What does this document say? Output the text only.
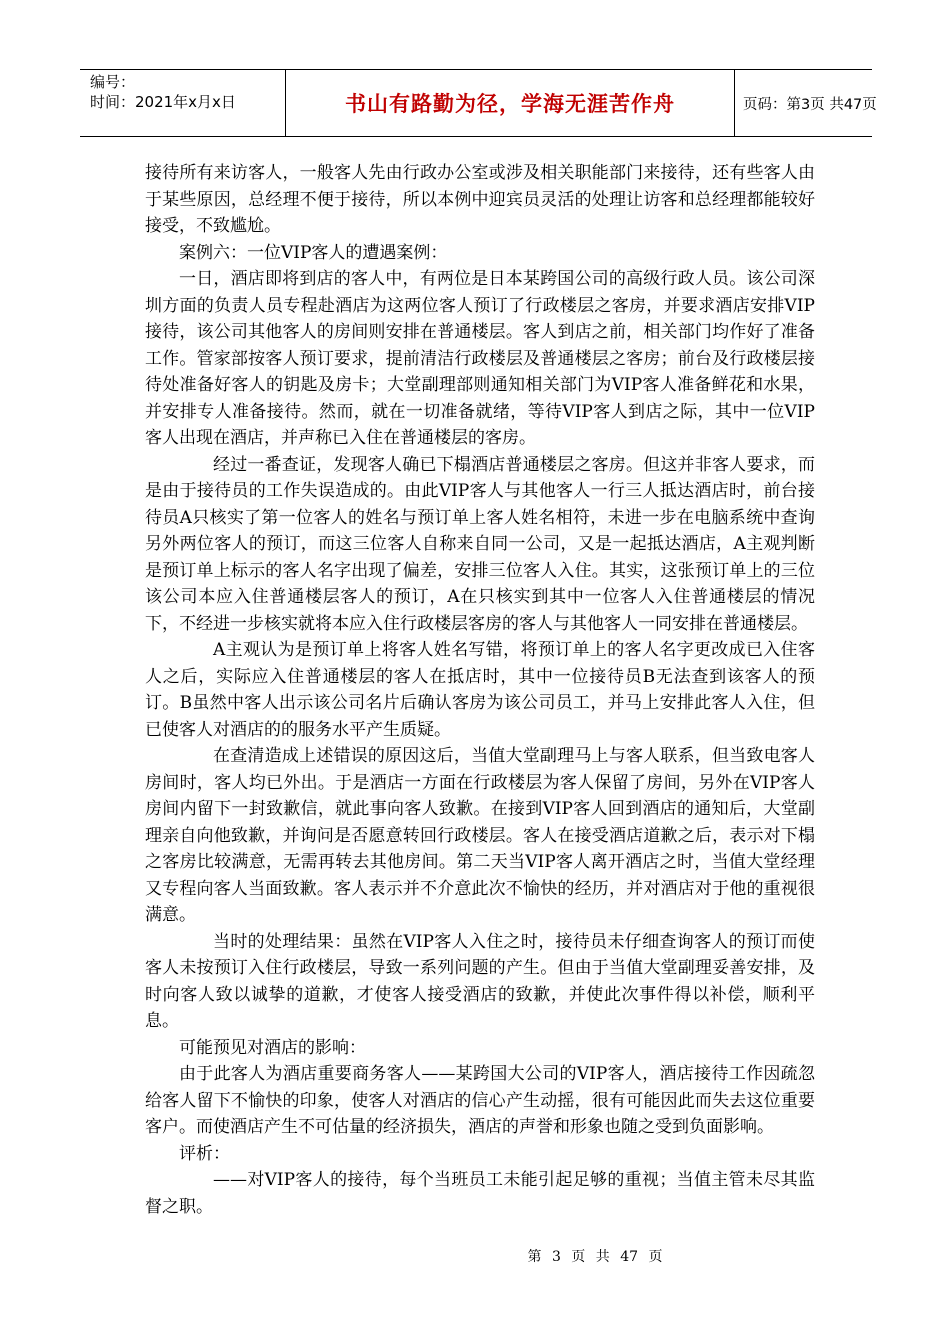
编号：
时间：2021年x月x日	书山有路勤为径，学海无涯苦作舟	页码：第3页 共47页

接待所有来访客人，一般客人先由行政办公室或涉及相关职能部门来接待，还有些客人由于某些原因，总经理不便于接待，所以本例中迎宾员灵活的处理让访客和总经理都能较好接受，不致尴尬。

案例六：一位VIP客人的遭遇案例：

一日，酒店即将到店的客人中，有两位是日本某跨国公司的高级行政人员。该公司深圳方面的负责人员专程赴酒店为这两位客人预订了行政楼层之客房，并要求酒店安排VIP接待，该公司其他客人的房间则安排在普通楼层。客人到店之前，相关部门均作好了准备工作。管家部按客人预订要求，提前清洁行政楼层及普通楼层之客房；前台及行政楼层接待处准备好客人的钥匙及房卡；大堂副理部则通知相关部门为VIP客人准备鲜花和水果，并安排专人准备接待。然而，就在一切准备就绪，等待VIP客人到店之际，其中一位VIP客人出现在酒店，并声称已入住在普通楼层的客房。

经过一番查证，发现客人确已下榻酒店普通楼层之客房。但这并非客人要求，而是由于接待员的工作失误造成的。由此VIP客人与其他客人一行三人抵达酒店时，前台接待员A只核实了第一位客人的姓名与预订单上客人姓名相符，未进一步在电脑系统中查询另外两位客人的预订，而这三位客人自称来自同一公司，又是一起抵达酒店，A主观判断是预订单上标示的客人名字出现了偏差，安排三位客人入住。其实，这张预订单上的三位该公司本应入住普通楼层客人的预订，A在只核实到其中一位客人入住普通楼层的情况下，不经进一步核实就将本应入住行政楼层客房的客人与其他客人一同安排在普通楼层。

A主观认为是预订单上将客人姓名写错，将预订单上的客人名字更改成已入住客人之后，实际应入住普通楼层的客人在抵店时，其中一位接待员B无法查到该客人的预订。B虽然中客人出示该公司名片后确认客房为该公司员工，并马上安排此客人入住，但已使客人对酒店的的服务水平产生质疑。

在查清造成上述错误的原因这后，当值大堂副理马上与客人联系，但当致电客人房间时，客人均已外出。于是酒店一方面在行政楼层为客人保留了房间，另外在VIP客人房间内留下一封致歉信，就此事向客人致歉。在接到VIP客人回到酒店的通知后，大堂副理亲自向他致歉，并询问是否愿意转回行政楼层。客人在接受酒店道歉之后，表示对下榻之客房比较满意，无需再转去其他房间。第二天当VIP客人离开酒店之时，当值大堂经理又专程向客人当面致歉。客人表示并不介意此次不愉快的经历，并对酒店对于他的重视很满意。

当时的处理结果：虽然在VIP客人入住之时，接待员未仔细查询客人的预订而使客人未按预订入住行政楼层，导致一系列问题的产生。但由于当值大堂副理妥善安排，及时向客人致以诚挚的道歉，才使客人接受酒店的致歉，并使此次事件得以补偿，顺利平息。

可能预见对酒店的影响：

由于此客人为酒店重要商务客人——某跨国大公司的VIP客人，酒店接待工作因疏忽给客人留下不愉快的印象，使客人对酒店的信心产生动摇，很有可能因此而失去这位重要客户。而使酒店产生不可估量的经济损失，酒店的声誉和形象也随之受到负面影响。

评析：

——对VIP客人的接待，每个当班员工未能引起足够的重视；当值主管未尽其监督之职。

第 3 页 共 47 页
